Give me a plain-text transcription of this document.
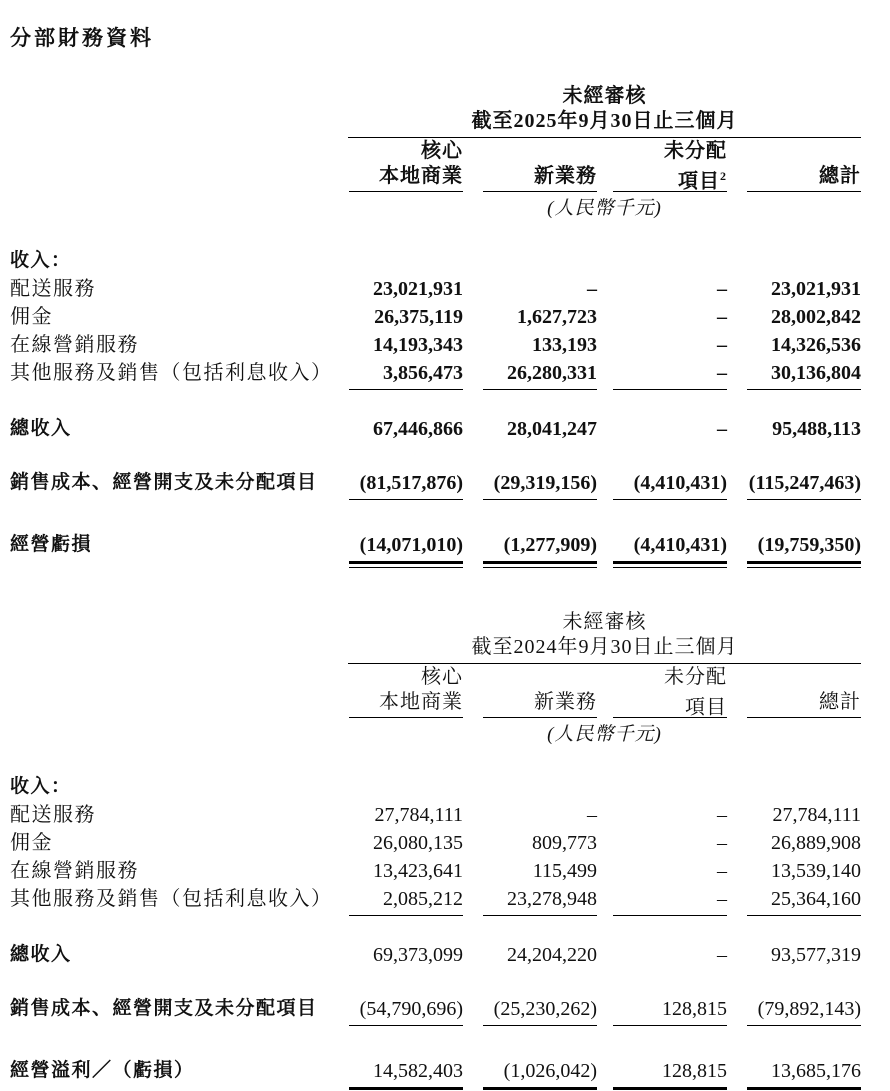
分部財務資料
未經審核
截至2025年9月30日止三個月
核心
本地商業	新業務
未分配
項目$^2$	總計
(人民幣千元)
收入：
配送服務	23,021,931	–	–	23,021,931
佣金	26,375,119	1,627,723	–	28,002,842
在線營銷服務	14,193,343	133,193	–	14,326,536
其他服務及銷售（包括利息收入）	3,856,473	26,280,331	–	30,136,804
總收入	67,446,866	28,041,247	–	95,488,113
銷售成本、經營開支及未分配項目	(81,517,876)	(29,319,156)	(4,410,431)	(115,247,463)
經營虧損	(14,071,010)	(1,277,909)	(4,410,431)	(19,759,350)
未經審核
截至2024年9月30日止三個月
核心
本地商業	新業務
未分配
項目	總計
(人民幣千元)
收入：
配送服務	27,784,111	–	–	27,784,111
佣金	26,080,135	809,773	–	26,889,908
在線營銷服務	13,423,641	115,499	–	13,539,140
其他服務及銷售（包括利息收入）	2,085,212	23,278,948	–	25,364,160
總收入	69,373,099	24,204,220	–	93,577,319
銷售成本、經營開支及未分配項目	(54,790,696)	(25,230,262)	128,815	(79,892,143)
經營溢利／（虧損）	14,582,403	(1,026,042)	128,815	13,685,176
